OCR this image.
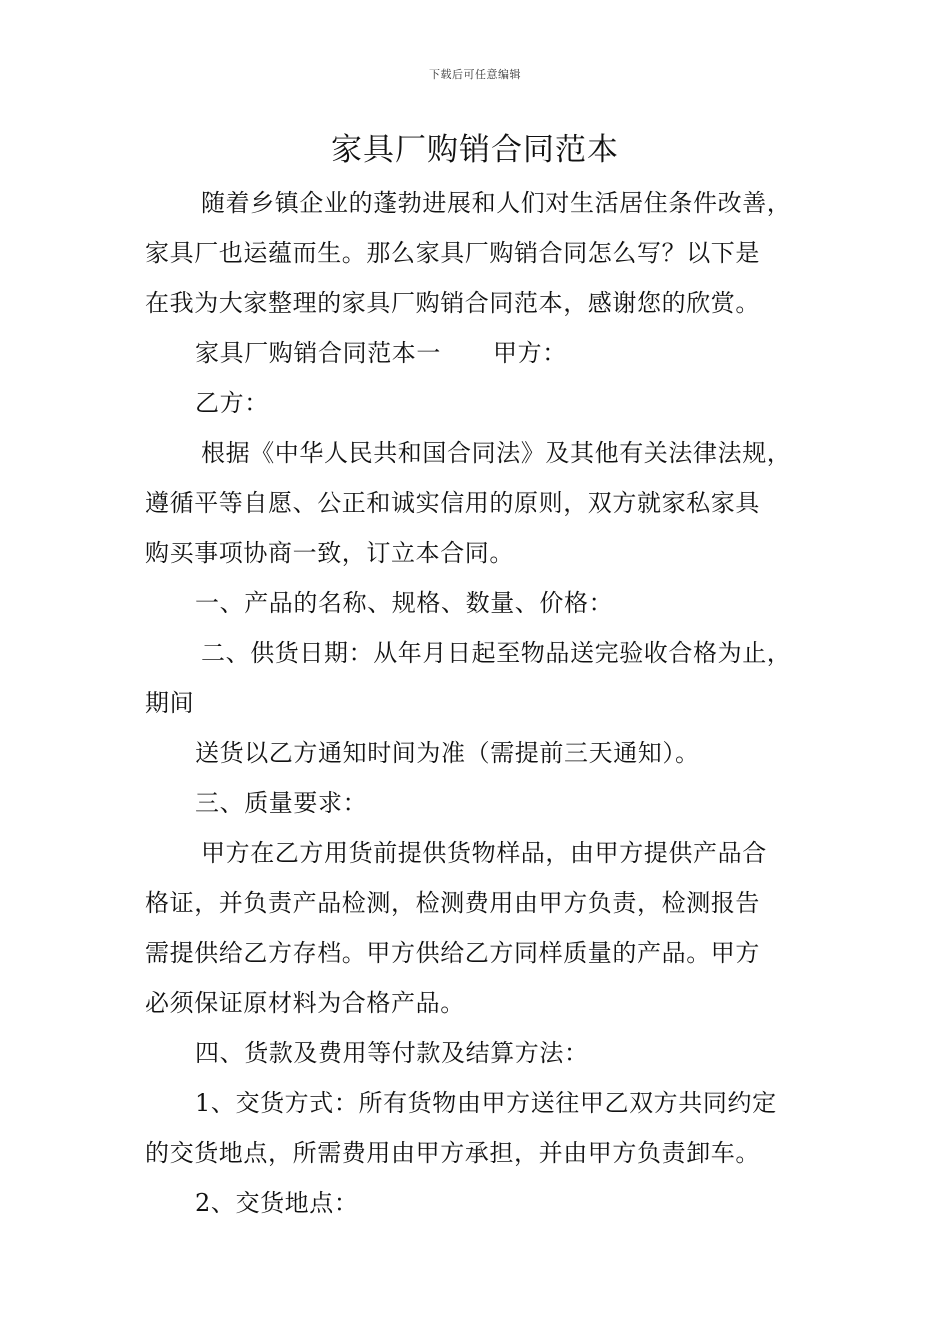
下载后可任意编辑
家具厂购销合同范本
随着乡镇企业的蓬勃进展和人们对生活居住条件改善，
家具厂也运蕴而生。那么家具厂购销合同怎么写？以下是
在我为大家整理的家具厂购销合同范本，感谢您的欣赏。
家具厂购销合同范本一 甲方：
乙方：
根据《中华人民共和国合同法》及其他有关法律法规，
遵循平等自愿、公正和诚实信用的原则，双方就家私家具
购买事项协商一致，订立本合同。
一、产品的名称、规格、数量、价格：
二、供货日期：从年月日起至物品送完验收合格为止，
期间
送货以乙方通知时间为准（需提前三天通知）。
三、质量要求：
甲方在乙方用货前提供货物样品，由甲方提供产品合
格证，并负责产品检测，检测费用由甲方负责，检测报告
需提供给乙方存档。甲方供给乙方同样质量的产品。甲方
必须保证原材料为合格产品。
四、货款及费用等付款及结算方法：
1、交货方式：所有货物由甲方送往甲乙双方共同约定
的交货地点，所需费用由甲方承担，并由甲方负责卸车。
2、交货地点：
